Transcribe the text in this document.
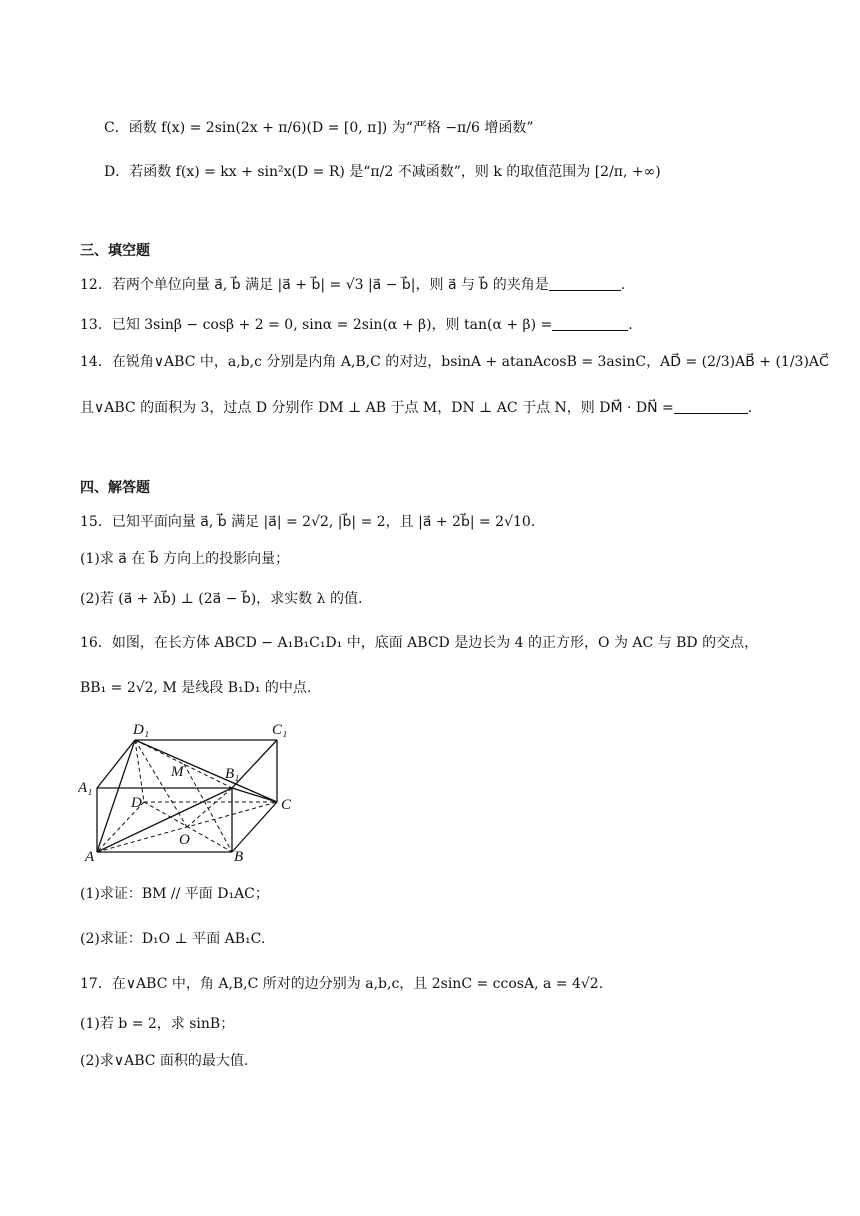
C．函数 f(x) = 2sin(2x + π/6)(D = [0, π]) 为“严格 −π/6 增函数”
D．若函数 f(x) = kx + sin²x(D = R) 是“π/2 不减函数”，则 k 的取值范围为 [2/π, +∞)
三、填空题
12．若两个单位向量 a⃗, b⃗ 满足 |a⃗ + b⃗| = √3 |a⃗ − b⃗|，则 a⃗ 与 b⃗ 的夹角是	.
13．已知 3sinβ − cosβ + 2 = 0, sinα = 2sin(α + β)，则 tan(α + β) =	.
14．在锐角∨ABC 中，a,b,c 分别是内角 A,B,C 的对边，bsinA + atanAcosB = 3asinC，AD⃗ = (2/3)AB⃗ + (1/3)AC⃗
且∨ABC 的面积为 3，过点 D 分别作 DM ⊥ AB 于点 M，DN ⊥ AC 于点 N，则 DM⃗ · DN⃗ =	.
四、解答题
15．已知平面向量 a⃗, b⃗ 满足 |a⃗| = 2√2, |b⃗| = 2，且 |a⃗ + 2b⃗| = 2√10.
(1)求 a⃗ 在 b⃗ 方向上的投影向量；
(2)若 (a⃗ + λb⃗) ⊥ (2a⃗ − b⃗)，求实数 λ 的值.
16．如图，在长方体 ABCD − A₁B₁C₁D₁ 中，底面 ABCD 是边长为 4 的正方形，O 为 AC 与 BD 的交点，
BB₁ = 2√2, M 是线段 B₁D₁ 的中点.
D₁	C₁
A₁
B₁
M
D	C
O
A	B
(1)求证：BM // 平面 D₁AC；
(2)求证：D₁O ⊥ 平面 AB₁C.
17．在∨ABC 中，角 A,B,C 所对的边分别为 a,b,c，且 2sinC = ccosA, a = 4√2.
(1)若 b = 2，求 sinB；
(2)求∨ABC 面积的最大值.
